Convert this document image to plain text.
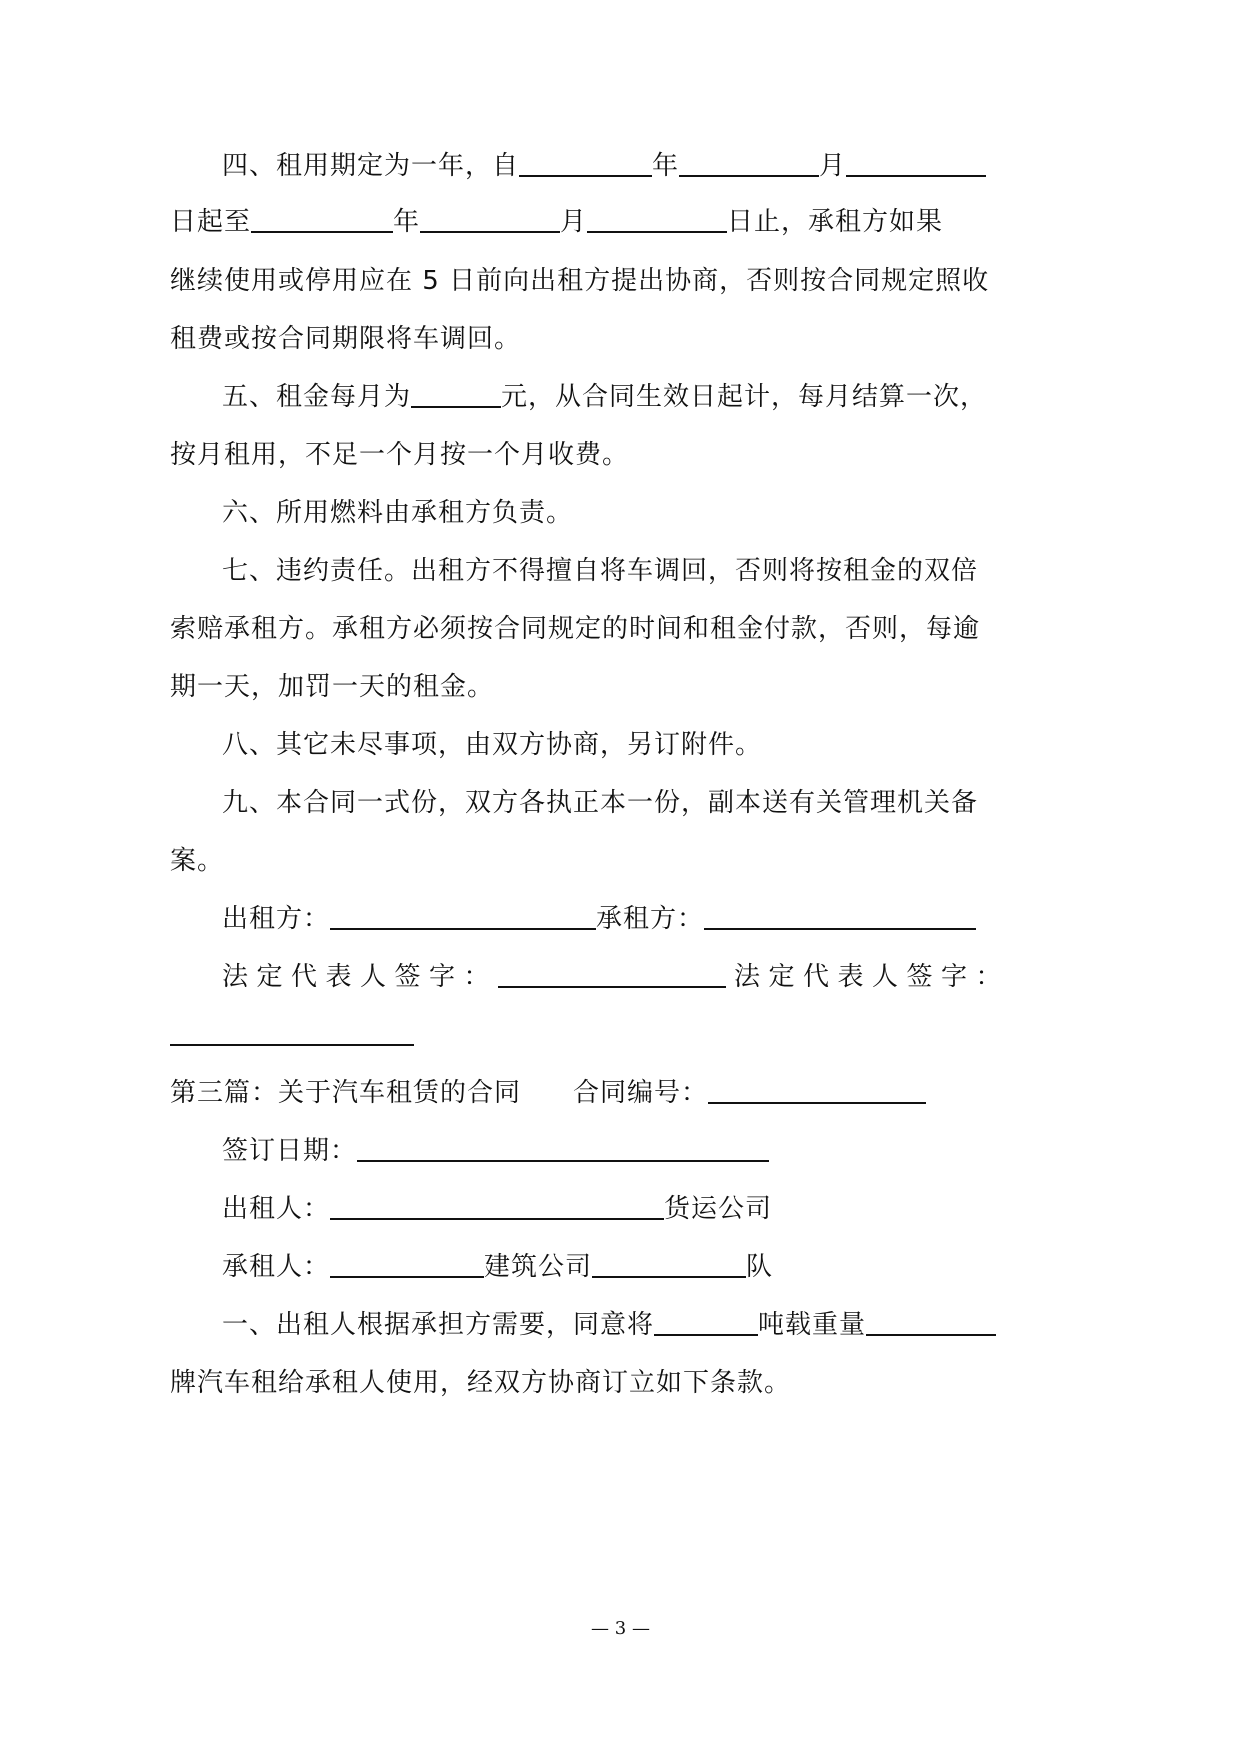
四、租用期定为一年，自	年	月
日起至	年	月	日止，承租方如果
继续使用或停用应在 5 日前向出租方提出协商，否则按合同规定照收
租费或按合同期限将车调回。
五、租金每月为	元，从合同生效日起计，每月结算一次，
按月租用，不足一个月按一个月收费。
六、所用燃料由承租方负责。
七、违约责任。出租方不得擅自将车调回，否则将按租金的双倍
索赔承租方。承租方必须按合同规定的时间和租金付款，否则，每逾
期一天，加罚一天的租金。
八、其它未尽事项，由双方协商，另订附件。
九、本合同一式份，双方各执正本一份，副本送有关管理机关备
案。
出租方：	承租方：
法定代表人签字：	法定代表人签字：
第三篇：关于汽车租赁的合同 合同编号：
签订日期：
出租人：	货运公司
承租人：	建筑公司	队
一、出租人根据承担方需要，同意将	吨载重量
牌汽车租给承租人使用，经双方协商订立如下条款。
— 3 —
